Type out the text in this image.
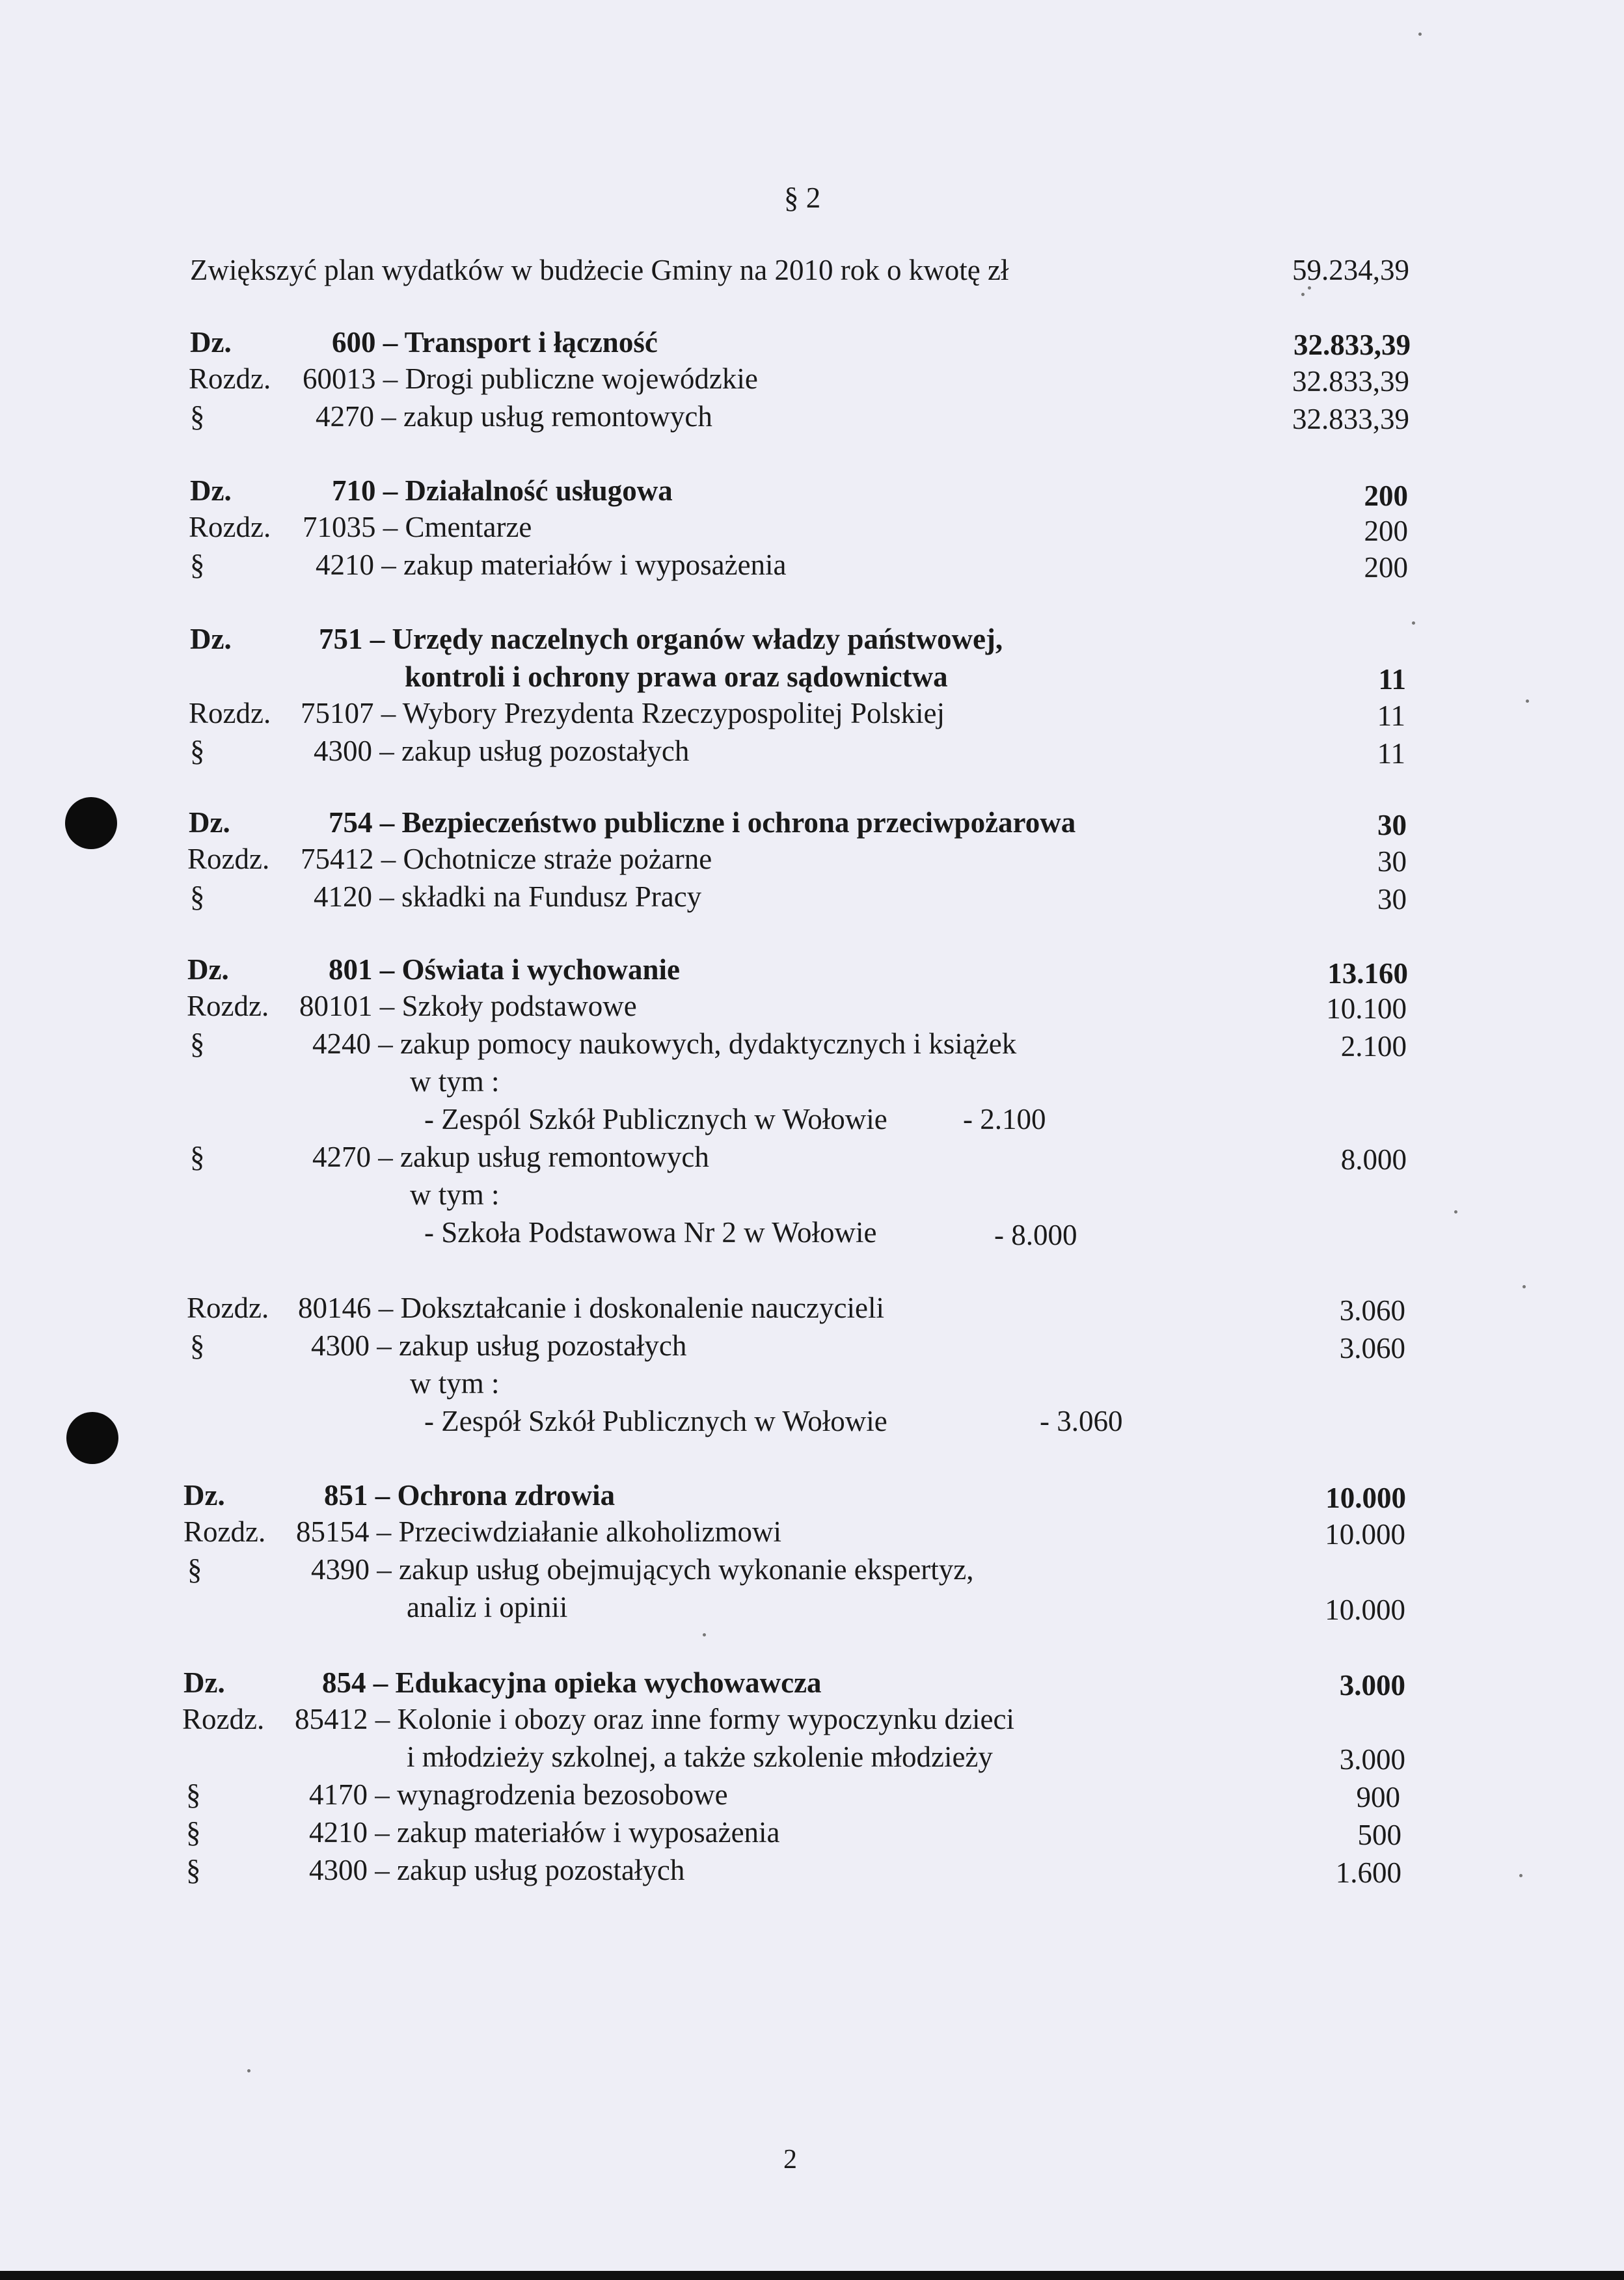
§ 2
Zwiększyć plan wydatków w budżecie Gminy na 2010 rok o kwotę zł	59.234,39
Dz.	600 – Transport i łączność	32.833,39
Rozdz. 60013 – Drogi publiczne wojewódzkie	32.833,39
§	4270 – zakup usług remontowych	32.833,39
Dz.	710 – Działalność usługowa	200
Rozdz. 71035 – Cmentarze	200
§	4210 – zakup materiałów i wyposażenia	200
Dz.	751 – Urzędy naczelnych organów władzy państwowej,
kontroli i ochrony prawa oraz sądownictwa	11
Rozdz. 75107 – Wybory Prezydenta Rzeczypospolitej Polskiej	11
§	4300 – zakup usług pozostałych	11
Dz.	754 – Bezpieczeństwo publiczne i ochrona przeciwpożarowa	30
Rozdz. 75412 – Ochotnicze straże pożarne	30
§	4120 – składki na Fundusz Pracy	30
Dz.	801 – Oświata i wychowanie	13.160
Rozdz. 80101 – Szkoły podstawowe	10.100
§	4240 – zakup pomocy naukowych, dydaktycznych i książek	2.100
w tym :
- Zespól Szkół Publicznych w Wołowie	- 2.100
§	4270 – zakup usług remontowych	8.000
w tym :
- Szkoła Podstawowa Nr 2 w Wołowie	- 8.000
Rozdz. 80146 – Dokształcanie i doskonalenie nauczycieli	3.060
§	4300 – zakup usług pozostałych	3.060
w tym :
- Zespół Szkół Publicznych w Wołowie	- 3.060
Dz.	851 – Ochrona zdrowia	10.000
Rozdz. 85154 – Przeciwdziałanie alkoholizmowi	10.000
§	4390 – zakup usług obejmujących wykonanie ekspertyz,
analiz i opinii	10.000
Dz.	854 – Edukacyjna opieka wychowawcza	3.000
Rozdz. 85412 – Kolonie i obozy oraz inne formy wypoczynku dzieci
i młodzieży szkolnej, a także szkolenie młodzieży	3.000
§	4170 – wynagrodzenia bezosobowe	900
§	4210 – zakup materiałów i wyposażenia	500
§	4300 – zakup usług pozostałych	1.600
2
